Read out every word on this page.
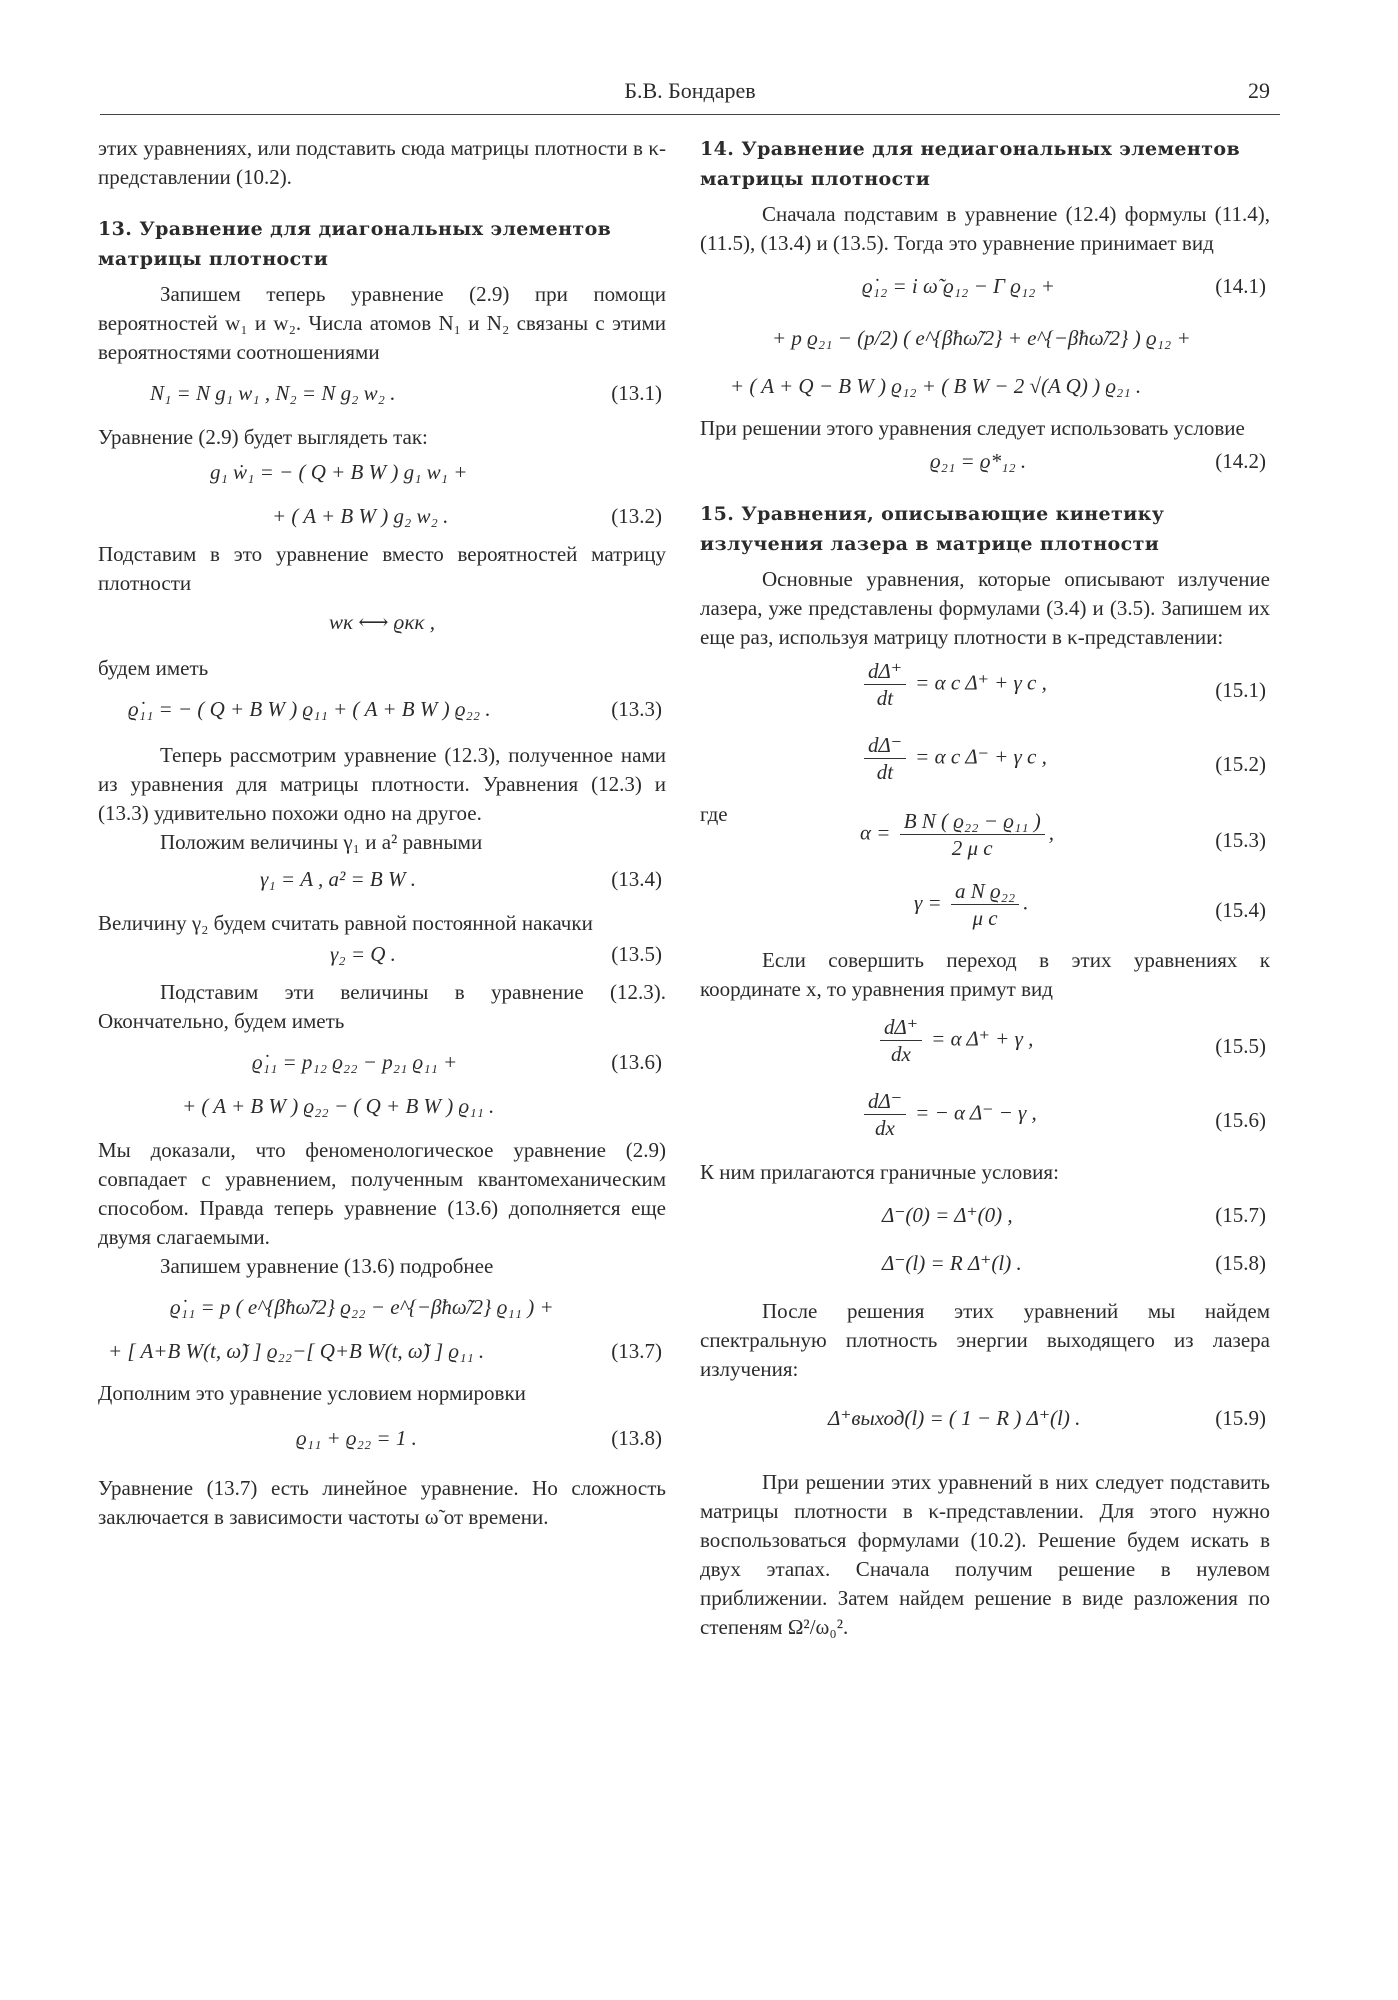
Б.В. Бондарев	29

этих уравнениях, или подставить сюда матрицы плотности в κ-представлении (10.2).

13. Уравнение для диагональных элементов матрицы плотности

Запишем теперь уравнение (2.9) при помощи вероятностей w₁ и w₂. Числа атомов N₁ и N₂ связаны с этими вероятностями соотношениями

N₁ = N g₁ w₁ , N₂ = N g₂ w₂ .	(13.1)

Уравнение (2.9) будет выглядеть так:

g₁ ẇ₁ = − ( Q + B W ) g₁ w₁ +
+ ( A + B W ) g₂ w₂ .	(13.2)

Подставим в это уравнение вместо вероятностей матрицу плотности

wκ ⟷ ϱκκ ,

будем иметь

ϱ̇₁₁ = − ( Q + B W ) ϱ₁₁ + ( A + B W ) ϱ₂₂ .	(13.3)

Теперь рассмотрим уравнение (12.3), полученное нами из уравнения для матрицы плотности. Уравнения (12.3) и (13.3) удивительно похожи одно на другое.

Положим величины γ₁ и a² равными

γ₁ = A , a² = B W .	(13.4)

Величину γ₂ будем считать равной постоянной накачки

γ₂ = Q .	(13.5)

Подставим эти величины в уравнение (12.3). Окончательно, будем иметь

ϱ̇₁₁ = p₁₂ ϱ₂₂ − p₂₁ ϱ₁₁ +	(13.6)
+ ( A + B W ) ϱ₂₂ − ( Q + B W ) ϱ₁₁ .

Мы доказали, что феноменологическое уравнение (2.9) совпадает с уравнением, полученным квантомеханическим способом. Правда теперь уравнение (13.6) дополняется еще двумя слагаемыми.

Запишем уравнение (13.6) подробнее

ϱ̇₁₁ = p ( e^{βħω̃/2} ϱ₂₂ − e^{−βħω̃/2} ϱ₁₁ ) +
+ [ A+B W(t, ω̃) ] ϱ₂₂−[ Q+B W(t, ω̃) ] ϱ₁₁ .	(13.7)

Дополним это уравнение условием нормировки

ϱ₁₁ + ϱ₂₂ = 1 .	(13.8)

Уравнение (13.7) есть линейное уравнение. Но сложность заключается в зависимости частоты ω̃ от времени.

14. Уравнение для недиагональных элементов матрицы плотности

Сначала подставим в уравнение (12.4) формулы (11.4), (11.5), (13.4) и (13.5). Тогда это уравнение принимает вид

ϱ̇₁₂ = i ω̃ ϱ₁₂ − Γ ϱ₁₂ +	(14.1)
+ p ϱ₂₁ − (p/2) ( e^{βħω̃/2} + e^{−βħω̃/2} ) ϱ₁₂ +
+ ( A + Q − B W ) ϱ₁₂ + ( B W − 2 √(A Q) ) ϱ₂₁ .

При решении этого уравнения следует использовать условие

ϱ₂₁ = ϱ*₁₂ .	(14.2)
15. Уравнения, описывающие кинетику излучения лазера в матрице плотности

Основные уравнения, которые описывают излучение лазера, уже представлены формулами (3.4) и (3.5). Запишем их еще раз, используя матрицу плотности в κ-представлении:

$\frac{d\Delta^+}{dt} = \alpha$ c Δ⁺ + γ c ,	(15.1)
$\frac{d\Delta^-}{dt} = \alpha$ c Δ⁻ + γ c ,	(15.2)
где
$\alpha = \frac{\text{B N ( ϱ₂₂ − ϱ₁₁ )}}{\text{2 μ c}}$ ,	(15.3)
$\gamma = \frac{\text{a N ϱ₂₂}}{\text{μ c}}$ .	(15.4)

Если совершить переход в этих уравнениях к координате x, то уравнения примут вид

$\frac{d\Delta^+}{dx} = \alpha$ Δ⁺ + γ ,	(15.5)
$\frac{d\Delta^-}{dx}$ = − α Δ⁻ − γ ,	(15.6)

К ним прилагаются граничные условия:

Δ⁻(0) = Δ⁺(0) ,	(15.7)
Δ⁻(l) = R Δ⁺(l) .	(15.8)

После решения этих уравнений мы найдем спектральную плотность энергии выходящего из лазера излучения:

Δ⁺выход(l) = ( 1 − R ) Δ⁺(l) .	(15.9)

При решении этих уравнений в них следует подставить матрицы плотности в κ-представлении. Для этого нужно воспользоваться формулами (10.2). Решение будем искать в двух этапах. Сначала получим решение в нулевом приближении. Затем найдем решение в виде разложения по степеням Ω²/ω₀².
